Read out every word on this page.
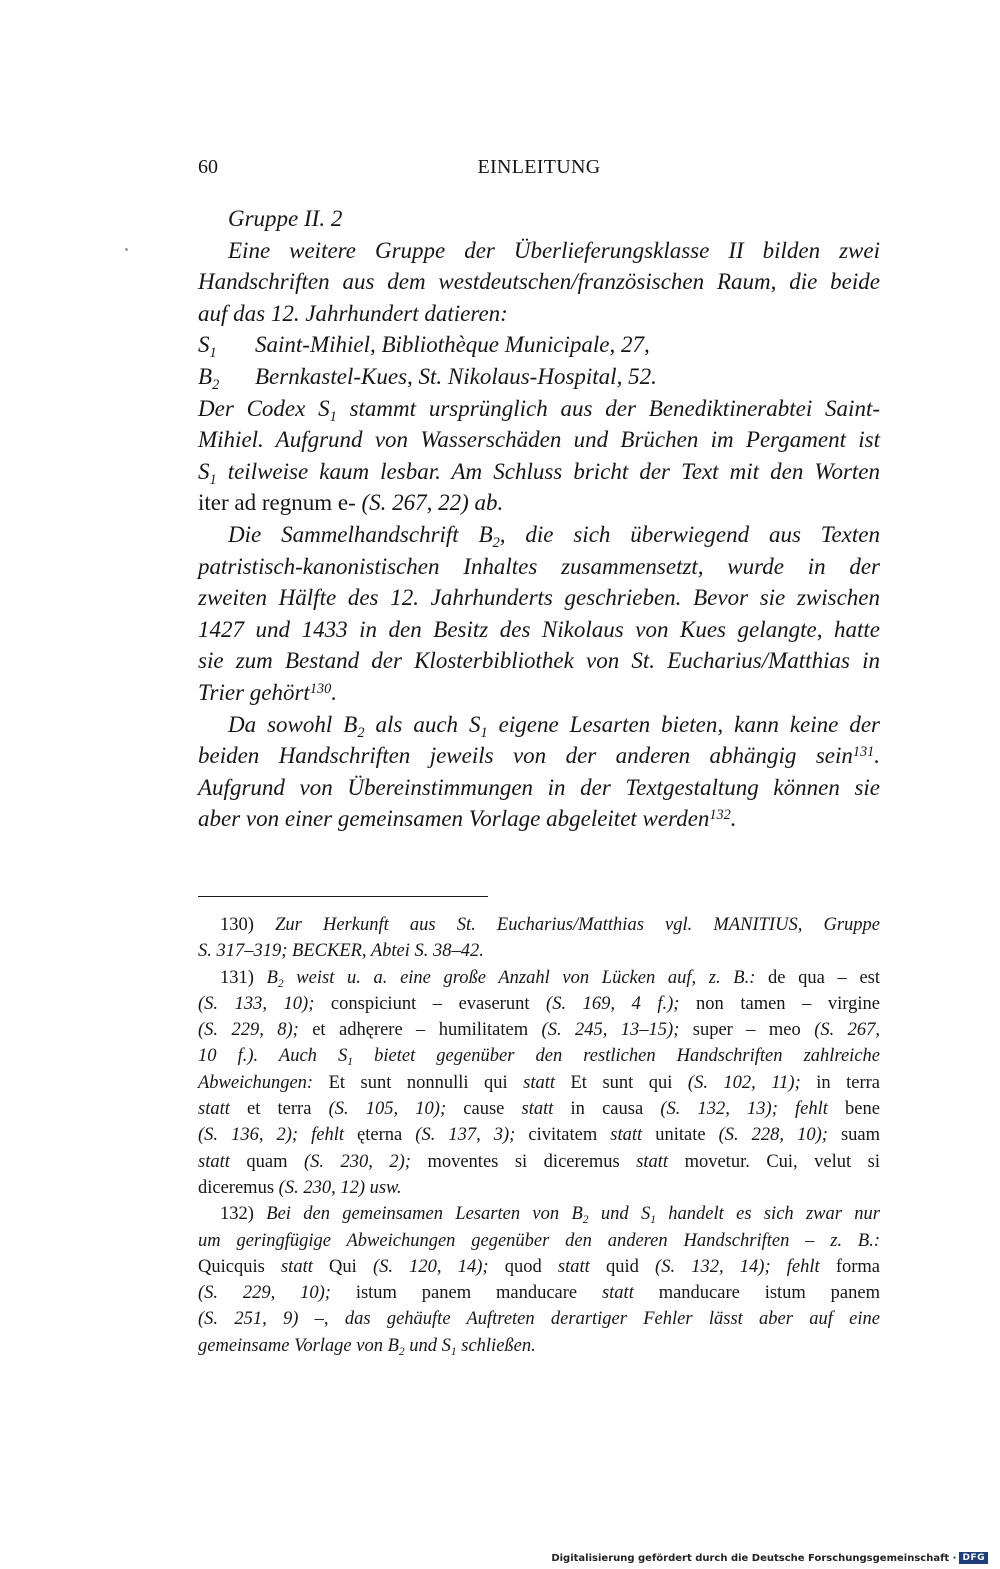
60	EINLEITUNG
Gruppe II. 2
Eine weitere Gruppe der Überlieferungsklasse II bilden zwei
Handschriften aus dem westdeutschen/französischen Raum, die beide
auf das 12. Jahrhundert datieren:
$S_1$ Saint-Mihiel, Bibliothèque Municipale, 27,
$B_2$ Bernkastel-Kues, St. Nikolaus-Hospital, 52.
Der Codex $S_1$ stammt ursprünglich aus der Benediktinerabtei Saint-
Mihiel. Aufgrund von Wasserschäden und Brüchen im Pergament ist
$S_1$ teilweise kaum lesbar. Am Schluss bricht der Text mit den Worten
iter ad regnum e- (S. 267, 22) ab.
Die Sammelhandschrift $B_2$, die sich überwiegend aus Texten
patristisch-kanonistischen Inhaltes zusammensetzt, wurde in der
zweiten Hälfte des 12. Jahrhunderts geschrieben. Bevor sie zwischen
1427 und 1433 in den Besitz des Nikolaus von Kues gelangte, hatte
sie zum Bestand der Klosterbibliothek von St. Eucharius/Matthias in
Trier gehört$^{130}$.
Da sowohl $B_2$ als auch $S_1$ eigene Lesarten bieten, kann keine der
beiden Handschriften jeweils von der anderen abhängig sein$^{131}$.
Aufgrund von Übereinstimmungen in der Textgestaltung können sie
aber von einer gemeinsamen Vorlage abgeleitet werden$^{132}$.
130) Zur Herkunft aus St. Eucharius/Matthias vgl. MANITIUS, Gruppe
S. 317–319; BECKER, Abtei S. 38–42.
131) $B_2$ weist u. a. eine große Anzahl von Lücken auf, z. B.: de qua – est
(S. 133, 10); conspiciunt – evaserunt (S. 169, 4 f.); non tamen – virgine
(S. 229, 8); et adhęrere – humilitatem (S. 245, 13–15); super – meo (S. 267,
10 f.). Auch $S_1$ bietet gegenüber den restlichen Handschriften zahlreiche
Abweichungen: Et sunt nonnulli qui statt Et sunt qui (S. 102, 11); in terra
statt et terra (S. 105, 10); cause statt in causa (S. 132, 13); fehlt bene
(S. 136, 2); fehlt ęterna (S. 137, 3); civitatem statt unitate (S. 228, 10); suam
statt quam (S. 230, 2); moventes si diceremus statt movetur. Cui, velut si
diceremus (S. 230, 12) usw.
132) Bei den gemeinsamen Lesarten von $B_2$ und $S_1$ handelt es sich zwar nur
um geringfügige Abweichungen gegenüber den anderen Handschriften – z. B.:
Quicquis statt Qui (S. 120, 14); quod statt quid (S. 132, 14); fehlt forma
(S. 229, 10); istum panem manducare statt manducare istum panem
(S. 251, 9) –, das gehäufte Auftreten derartiger Fehler lässt aber auf eine
gemeinsame Vorlage von $B_2$ und $S_1$ schließen.
Digitalisierung gefördert durch die Deutsche Forschungsgemeinschaft · DFG
